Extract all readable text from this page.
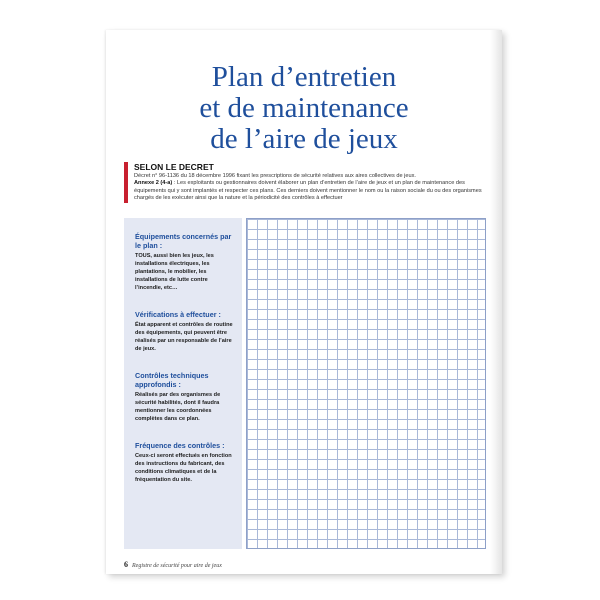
Plan d’entretien
et de maintenance
de l’aire de jeux
SELON LE DECRET
Décret n° 96-1136 du 18 décembre 1996 fixant les prescriptions de sécurité relatives aux aires collectives de jeux.
Annexe 2 (4-a) : Les exploitants ou gestionnaires doivent élaborer un plan d’entretien de l’aire de jeux et un plan de maintenance des équipements qui y sont implantés et respecter ces plans. Ces derniers doivent mentionner le nom ou la raison sociale du ou des organismes chargés de les exécuter ainsi que la nature et la périodicité des contrôles à effectuer
Équipements concernés par le plan :
TOUS, aussi bien les jeux, les installations électriques, les plantations, le mobilier, les installations de lutte contre l’incendie, etc…
Vérifications à effectuer :
État apparent et contrôles de routine des équipements, qui peuvent être réalisés par un responsable de l’aire de jeux.
Contrôles techniques approfondis :
Réalisés par des organismes de sécurité habilités, dont il faudra mentionner les coordonnées complètes dans ce plan.
Fréquence des contrôles :
Ceux-ci seront effectués en fonction des instructions du fabricant, des conditions climatiques et de la fréquentation du site.
6 Registre de sécurité pour aire de jeux
